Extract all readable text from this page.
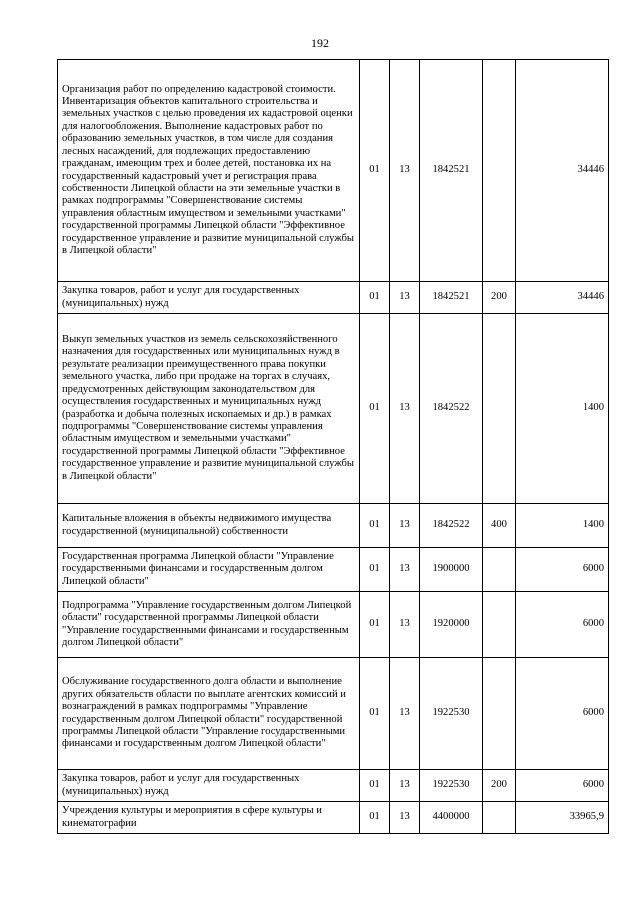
192
Организация работ по определению кадастровой стоимости. Инвентаризация объектов капитального строительства и земельных участков с целью проведения их кадастровой оценки для налогообложения. Выполнение кадастровых работ по образованию земельных участков, в том числе для создания лесных насаждений, для подлежащих предоставлению гражданам, имеющим трех и более детей, постановка их на государственный кадастровый учет и регистрация права собственности Липецкой области на эти земельные участки в рамках подпрограммы "Совершенствование системы управления областным имуществом и земельными участками" государственной программы Липецкой области "Эффективное государственное управление и развитие муниципальной службы в Липецкой области"	01	13	1842521		34446
Закупка товаров, работ и услуг для государственных (муниципальных) нужд	01	13	1842521	200	34446
Выкуп земельных участков из земель сельскохозяйственного назначения для государственных или муниципальных нужд в результате реализации преимущественного права покупки земельного участка, либо при продаже на торгах в случаях, предусмотренных действующим законодательством для осуществления государственных и муниципальных нужд (разработка и добыча полезных ископаемых и др.) в рамках подпрограммы "Совершенствование системы управления областным имуществом и земельными участками" государственной программы Липецкой области "Эффективное государственное управление и развитие муниципальной службы в Липецкой области"	01	13	1842522		1400
Капитальные вложения в объекты недвижимого имущества государственной (муниципальной) собственности	01	13	1842522	400	1400
Государственная программа Липецкой области "Управление государственными финансами и государственным долгом Липецкой области"	01	13	1900000		6000
Подпрограмма "Управление государственным долгом Липецкой области" государственной программы Липецкой области "Управление государственными финансами и государственным долгом Липецкой области"	01	13	1920000		6000
Обслуживание государственного долга области и выполнение других обязательств области по выплате агентских комиссий и вознаграждений в рамках подпрограммы "Управление государственным долгом Липецкой области" государственной программы Липецкой области "Управление государственными финансами и государственным долгом Липецкой области"	01	13	1922530		6000
Закупка товаров, работ и услуг для государственных (муниципальных) нужд	01	13	1922530	200	6000
Учреждения культуры и мероприятия в сфере культуры и кинематографии	01	13	4400000		33965,9
